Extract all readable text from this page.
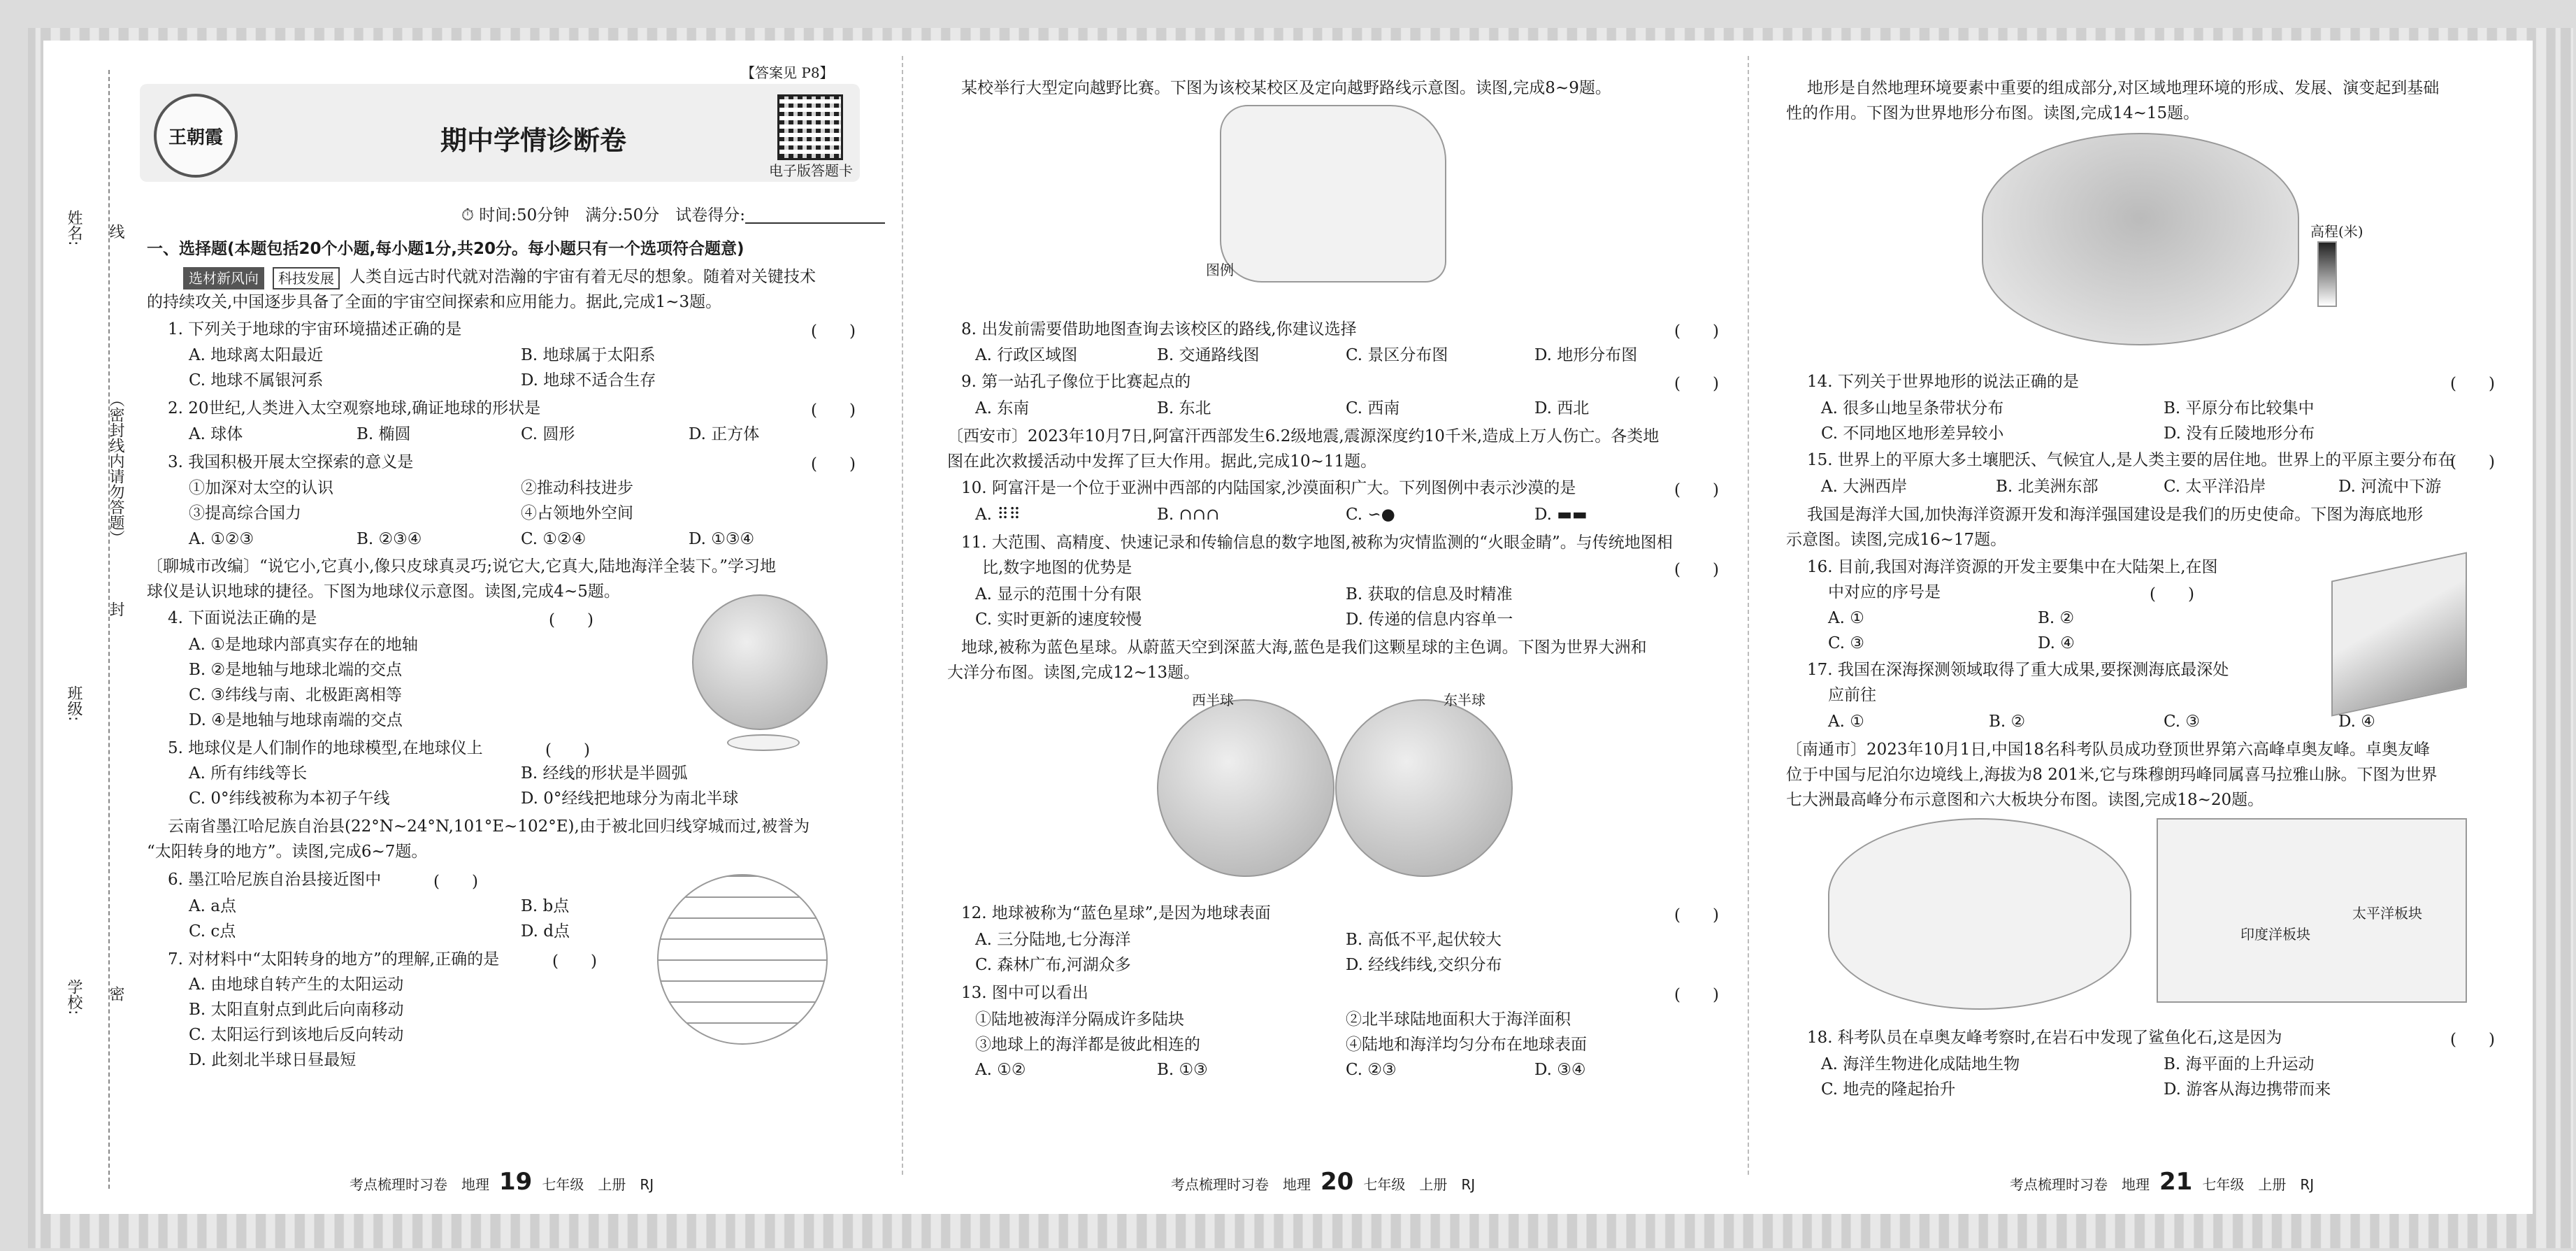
姓名:
（密封线内请勿答题）
班级:
学校:
线
封
密
【答案见 P8】
王朝霞	期中学情诊断卷
电子版答题卡
⏱ 时间:50分钟　满分:50分　试卷得分:
一、选择题(本题包括20个小题,每小题1分,共20分。每小题只有一个选项符合题意)
选材新风向	科技发展 人类自远古时代就对浩瀚的宇宙有着无尽的想象。随着对关键技术
的持续攻关,中国逐步具备了全面的宇宙空间探索和应用能力。据此,完成1~3题。
1. 下列关于地球的宇宙环境描述正确的是	(　　)
A. 地球离太阳最近	B. 地球属于太阳系
C. 地球不属银河系	D. 地球不适合生存
2. 20世纪,人类进入太空观察地球,确证地球的形状是	(　　)
A. 球体	B. 椭圆	C. 圆形	D. 正方体
3. 我国积极开展太空探索的意义是	(　　)
①加深对太空的认识	②推动科技进步
③提高综合国力	④占领地外空间
A. ①②③	B. ②③④	C. ①②④	D. ①③④
〔聊城市改编〕“说它小,它真小,像只皮球真灵巧;说它大,它真大,陆地海洋全装下。”学习地
球仪是认识地球的捷径。下图为地球仪示意图。读图,完成4~5题。
4. 下面说法正确的是	(　　)
A. ①是地球内部真实存在的地轴
B. ②是地轴与地球北端的交点
C. ③纬线与南、北极距离相等
D. ④是地轴与地球南端的交点
5. 地球仪是人们制作的地球模型,在地球仪上	(　　)
A. 所有纬线等长	B. 经线的形状是半圆弧
C. 0°纬线被称为本初子午线	D. 0°经线把地球分为南北半球
云南省墨江哈尼族自治县(22°N~24°N,101°E~102°E),由于被北回归线穿城而过,被誉为
“太阳转身的地方”。读图,完成6~7题。
6. 墨江哈尼族自治县接近图中
A. a点	B. b点
C. c点	D. d点
(　　)
7. 对材料中“太阳转身的地方”的理解,正确的是	(　　)
A. 由地球自转产生的太阳运动
B. 太阳直射点到此后向南移动
C. 太阳运行到该地后反向转动
D. 此刻北半球日昼最短
考点梳理时习卷　地理 19 七年级　上册　RJ
某校举行大型定向越野比赛。下图为该校某校区及定向越野路线示意图。读图,完成8~9题。
图例
8. 出发前需要借助地图查询去该校区的路线,你建议选择	(　　)
A. 行政区域图	B. 交通路线图	C. 景区分布图	D. 地形分布图
9. 第一站孔子像位于比赛起点的	(　　)
A. 东南	B. 东北	C. 西南	D. 西北
〔西安市〕2023年10月7日,阿富汗西部发生6.2级地震,震源深度约10千米,造成上万人伤亡。各类地
图在此次救援活动中发挥了巨大作用。据此,完成10~11题。
10. 阿富汗是一个位于亚洲中西部的内陆国家,沙漠面积广大。下列图例中表示沙漠的是	(　　)
A. ⠿⠿	B. ∩∩∩	C. ∽●	D. ▬▬
11. 大范围、高精度、快速记录和传输信息的数字地图,被称为灾情监测的“火眼金睛”。与传统地图相
比,数字地图的优势是	(　　)
A. 显示的范围十分有限	B. 获取的信息及时精准
C. 实时更新的速度较慢	D. 传递的信息内容单一
地球,被称为蓝色星球。从蔚蓝天空到深蓝大海,蓝色是我们这颗星球的主色调。下图为世界大洲和
大洋分布图。读图,完成12~13题。
西半球	东半球
12. 地球被称为“蓝色星球”,是因为地球表面	(　　)
A. 三分陆地,七分海洋	B. 高低不平,起伏较大
C. 森林广布,河湖众多	D. 经线纬线,交织分布
13. 图中可以看出	(　　)
①陆地被海洋分隔成许多陆块	②北半球陆地面积大于海洋面积
③地球上的海洋都是彼此相连的	④陆地和海洋均匀分布在地球表面
A. ①②	B. ①③	C. ②③	D. ③④
考点梳理时习卷　地理 20 七年级　上册　RJ
地形是自然地理环境要素中重要的组成部分,对区域地理环境的形成、发展、演变起到基础
性的作用。下图为世界地形分布图。读图,完成14~15题。
高程(米)
14. 下列关于世界地形的说法正确的是	(　　)
A. 很多山地呈条带状分布	B. 平原分布比较集中
C. 不同地区地形差异较小	D. 没有丘陵地形分布
15. 世界上的平原大多土壤肥沃、气候宜人,是人类主要的居住地。世界上的平原主要分布在
(　　)
A. 大洲西岸	B. 北美洲东部	C. 太平洋沿岸	D. 河流中下游
我国是海洋大国,加快海洋资源开发和海洋强国建设是我们的历史使命。下图为海底地形
示意图。读图,完成16~17题。
16. 目前,我国对海洋资源的开发主要集中在大陆架上,在图
中对应的序号是	(　　)
A. ①	B. ②
C. ③	D. ④
17. 我国在深海探测领域取得了重大成果,要探测海底最深处
应前往
A. ①	B. ②	C. ③	D. ④
〔南通市〕2023年10月1日,中国18名科考队员成功登顶世界第六高峰卓奥友峰。卓奥友峰
位于中国与尼泊尔边境线上,海拔为8 201米,它与珠穆朗玛峰同属喜马拉雅山脉。下图为世界
七大洲最高峰分布示意图和六大板块分布图。读图,完成18~20题。
太平洋板块
印度洋板块
18. 科考队员在卓奥友峰考察时,在岩石中发现了鲨鱼化石,这是因为	(　　)
A. 海洋生物进化成陆地生物	B. 海平面的上升运动
C. 地壳的隆起抬升	D. 游客从海边携带而来
考点梳理时习卷　地理 21 七年级　上册　RJ
